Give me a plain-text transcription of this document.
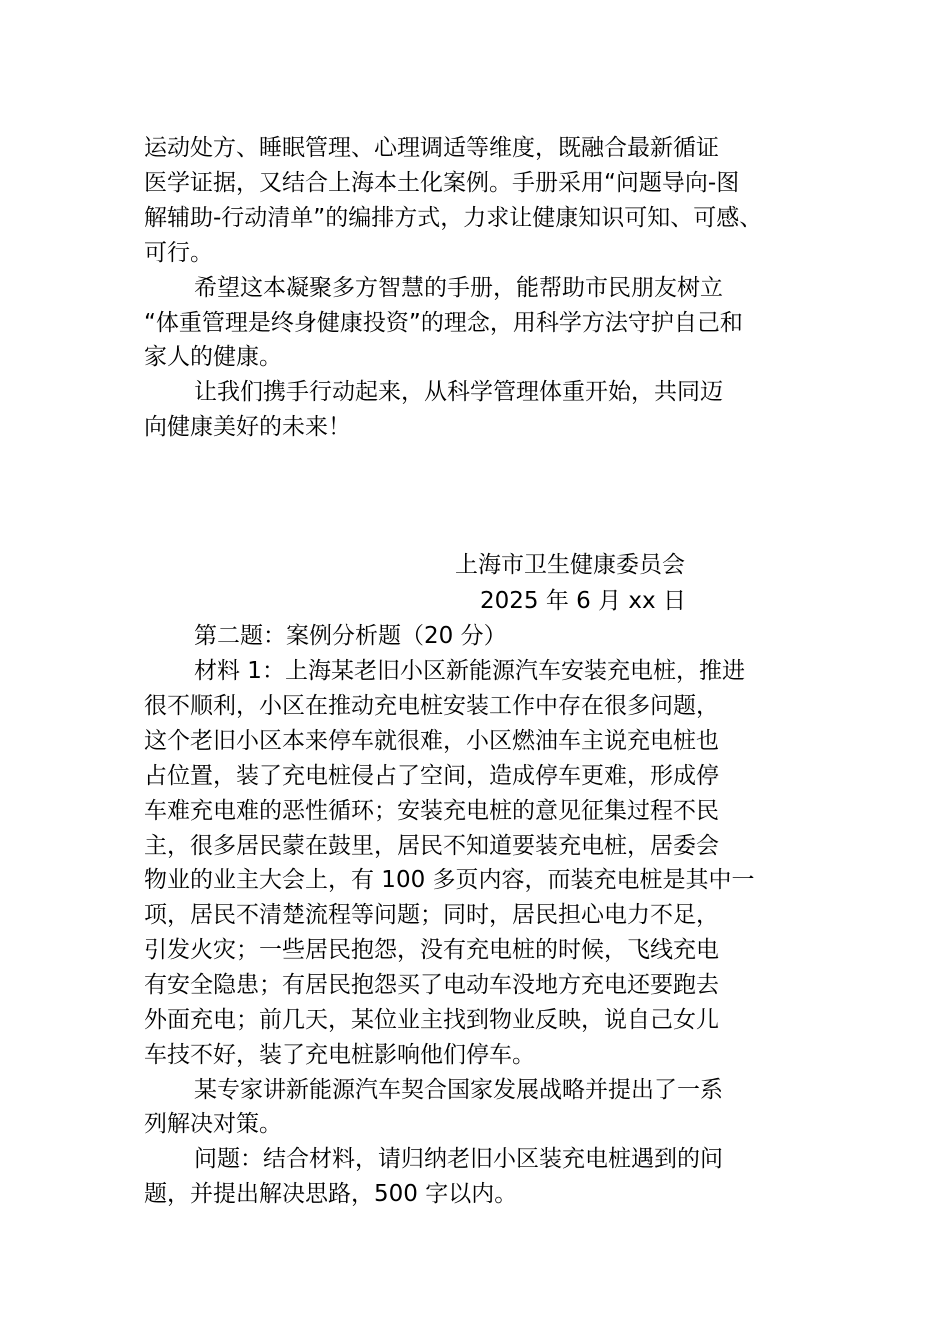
运动处方、睡眠管理、心理调适等维度，既融合最新循证
医学证据，又结合上海本土化案例。手册采用“问题导向-图
解辅助-行动清单”的编排方式，力求让健康知识可知、可感、
可行。
希望这本凝聚多方智慧的手册，能帮助市民朋友树立
“体重管理是终身健康投资”的理念，用科学方法守护自己和
家人的健康。
让我们携手行动起来，从科学管理体重开始，共同迈
向健康美好的未来！
上海市卫生健康委员会
2025 年 6 月 xx 日
第二题：案例分析题（20 分）
材料 1：上海某老旧小区新能源汽车安装充电桩，推进
很不顺利，小区在推动充电桩安装工作中存在很多问题，
这个老旧小区本来停车就很难，小区燃油车主说充电桩也
占位置，装了充电桩侵占了空间，造成停车更难，形成停
车难充电难的恶性循环；安装充电桩的意见征集过程不民
主，很多居民蒙在鼓里，居民不知道要装充电桩，居委会
物业的业主大会上，有 100 多页内容，而装充电桩是其中一
项，居民不清楚流程等问题；同时，居民担心电力不足，
引发火灾；一些居民抱怨，没有充电桩的时候，飞线充电
有安全隐患；有居民抱怨买了电动车没地方充电还要跑去
外面充电；前几天，某位业主找到物业反映，说自己女儿
车技不好，装了充电桩影响他们停车。
某专家讲新能源汽车契合国家发展战略并提出了一系
列解决对策。
问题：结合材料，请归纳老旧小区装充电桩遇到的问
题，并提出解决思路，500 字以内。
